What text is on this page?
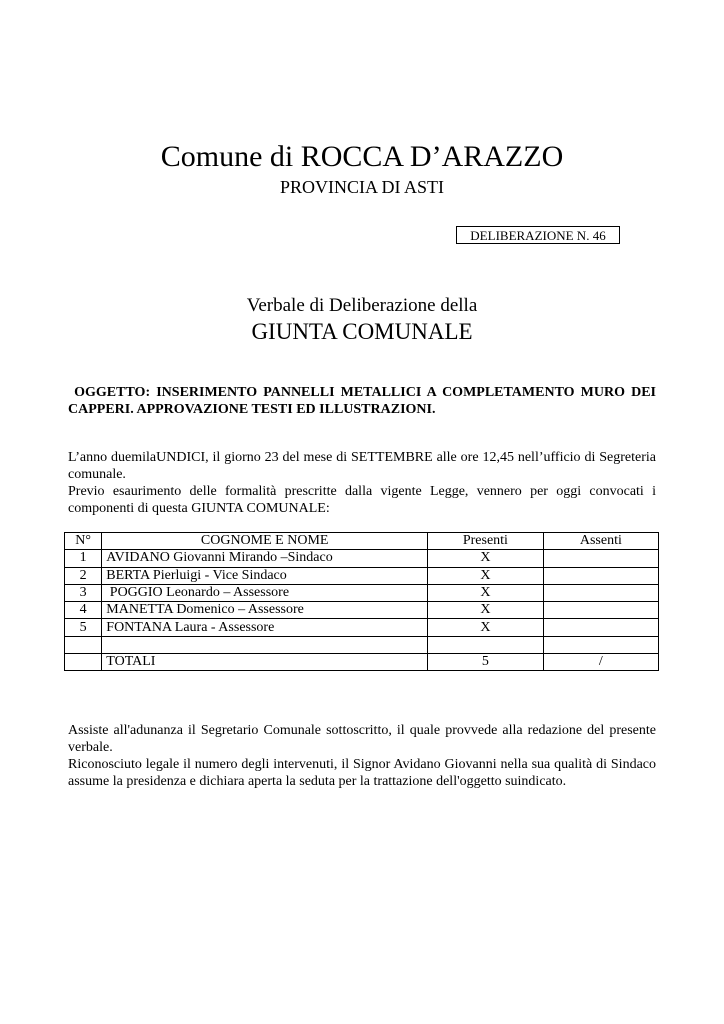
Comune di ROCCA D’ARAZZO
PROVINCIA DI ASTI
DELIBERAZIONE N. 46
Verbale di Deliberazione della
GIUNTA COMUNALE
OGGETTO: INSERIMENTO PANNELLI METALLICI A COMPLETAMENTO MURO DEI CAPPERI. APPROVAZIONE TESTI ED ILLUSTRAZIONI.
L’anno duemilaUNDICI, il giorno 23 del mese di SETTEMBRE alle ore 12,45 nell’ufficio di Segreteria comunale.
Previo esaurimento delle formalità prescritte dalla vigente Legge, vennero per oggi convocati i componenti di questa GIUNTA COMUNALE:
N°	COGNOME E NOME	Presenti	Assenti
1	AVIDANO Giovanni Mirando –Sindaco	X	
2	BERTA Pierluigi - Vice Sindaco	X	
3	POGGIO Leonardo – Assessore	X	
4	MANETTA Domenico – Assessore	X	
5	FONTANA Laura - Assessore	X	

	TOTALI	5	/
Assiste all'adunanza il Segretario Comunale sottoscritto, il quale provvede alla redazione del presente verbale.
Riconosciuto legale il numero degli intervenuti, il Signor Avidano Giovanni nella sua qualità di Sindaco assume la presidenza e dichiara aperta la seduta per la trattazione dell'oggetto suindicato.
